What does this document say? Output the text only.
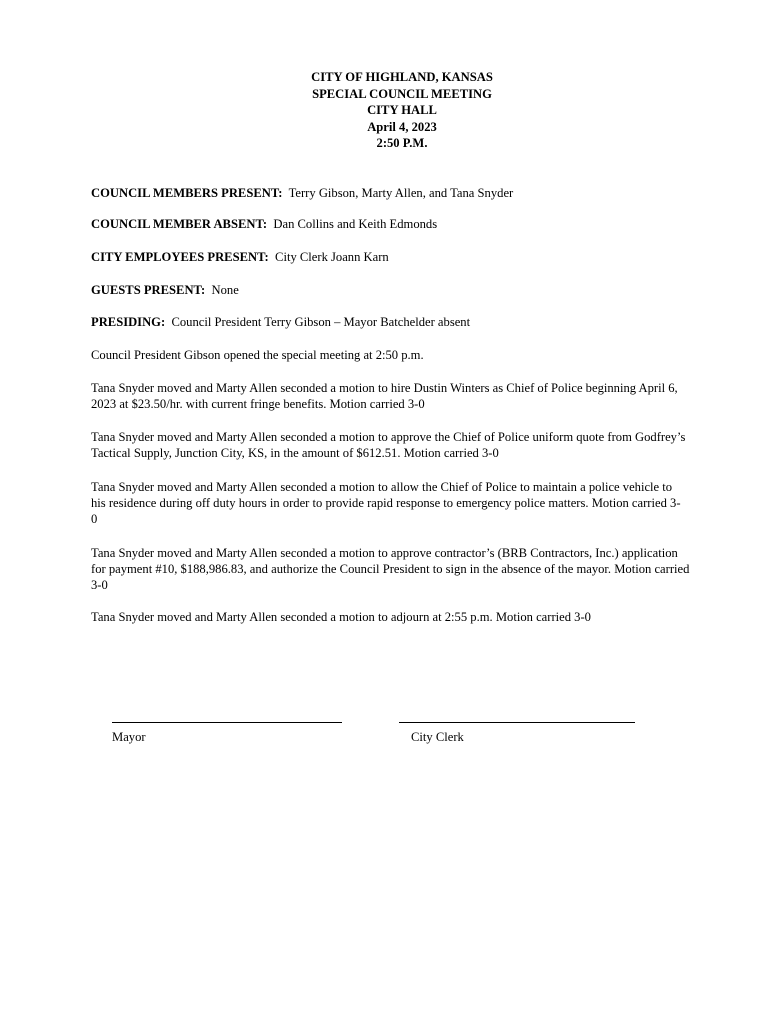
CITY OF HIGHLAND, KANSAS
SPECIAL COUNCIL MEETING
CITY HALL
April 4, 2023
2:50 P.M.

COUNCIL MEMBERS PRESENT: Terry Gibson, Marty Allen, and Tana Snyder

COUNCIL MEMBER ABSENT: Dan Collins and Keith Edmonds

CITY EMPLOYEES PRESENT: City Clerk Joann Karn

GUESTS PRESENT: None

PRESIDING: Council President Terry Gibson – Mayor Batchelder absent

Council President Gibson opened the special meeting at 2:50 p.m.

Tana Snyder moved and Marty Allen seconded a motion to hire Dustin Winters as Chief of Police beginning April 6, 2023 at $23.50/hr. with current fringe benefits. Motion carried 3-0

Tana Snyder moved and Marty Allen seconded a motion to approve the Chief of Police uniform quote from Godfrey’s Tactical Supply, Junction City, KS, in the amount of $612.51. Motion carried 3-0

Tana Snyder moved and Marty Allen seconded a motion to allow the Chief of Police to maintain a police vehicle to his residence during off duty hours in order to provide rapid response to emergency police matters. Motion carried 3-0

Tana Snyder moved and Marty Allen seconded a motion to approve contractor’s (BRB Contractors, Inc.) application for payment #10, $188,986.83, and authorize the Council President to sign in the absence of the mayor. Motion carried 3-0

Tana Snyder moved and Marty Allen seconded a motion to adjourn at 2:55 p.m. Motion carried 3-0

Mayor	City Clerk
